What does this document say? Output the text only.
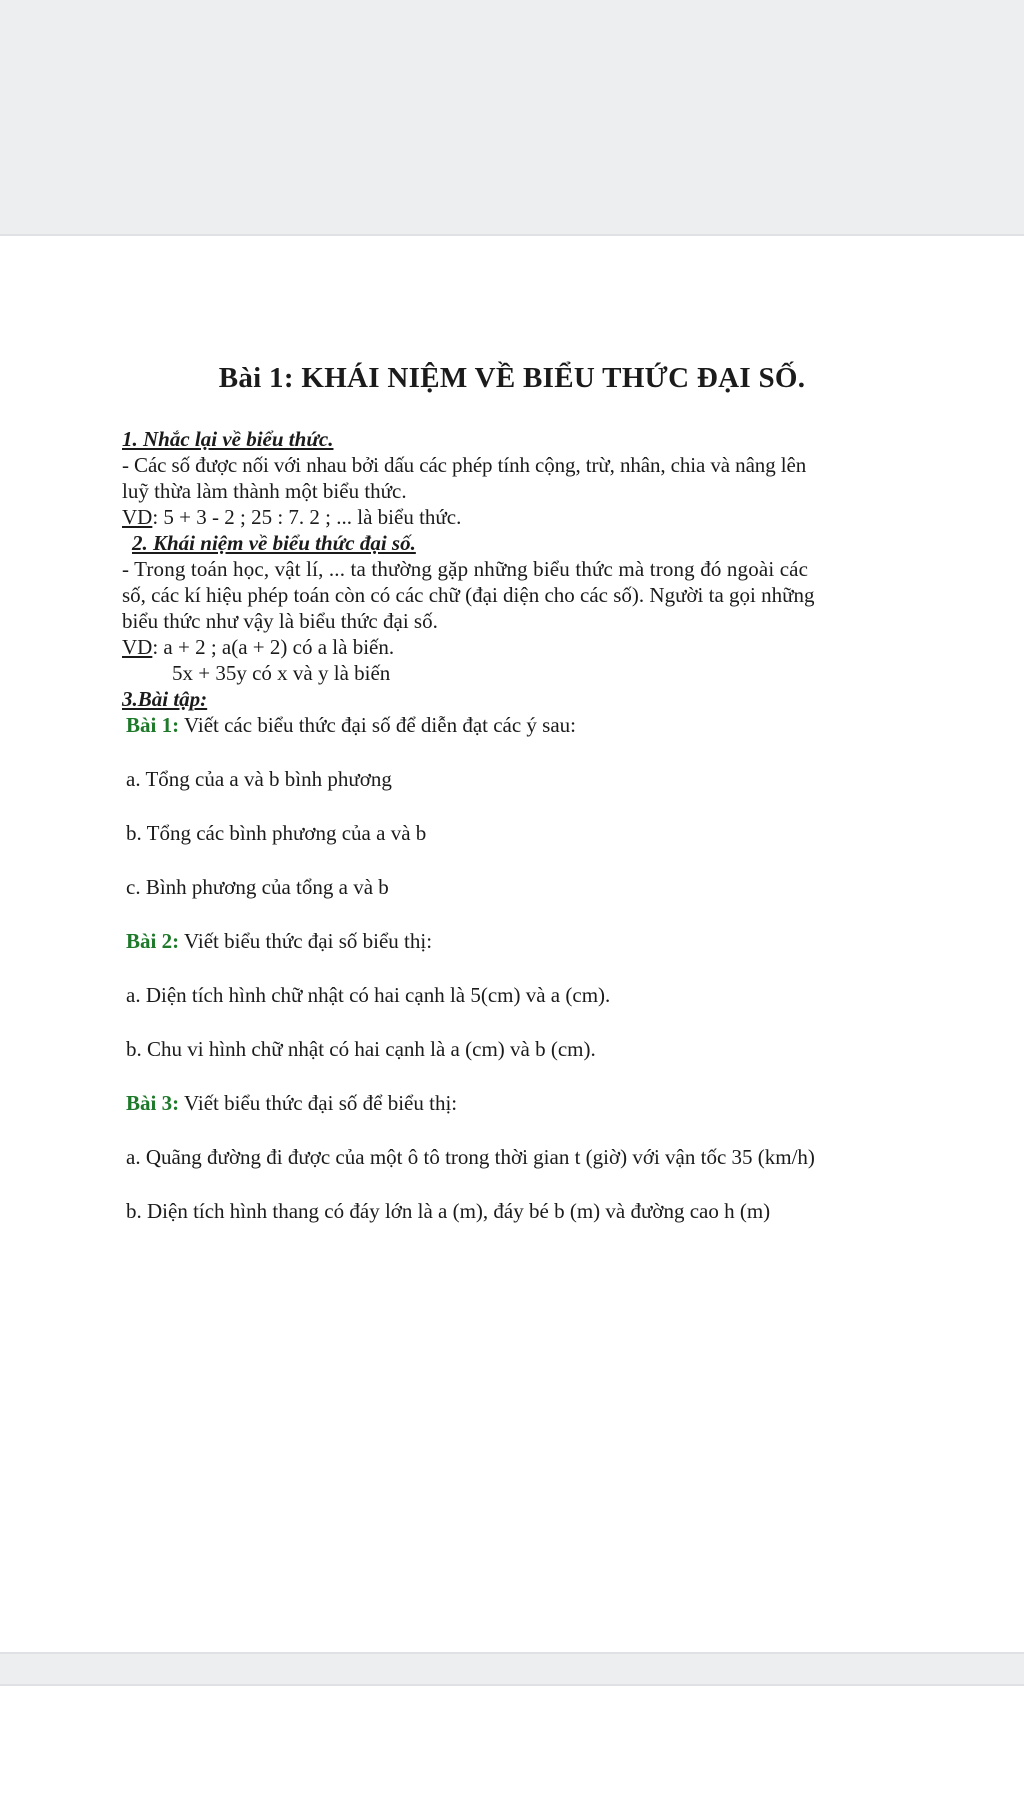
Bài 1: KHÁI NIỆM VỀ BIỂU THỨC ĐẠI SỐ.
1. Nhắc lại về biểu thức.
- Các số được nối với nhau bởi dấu các phép tính cộng, trừ, nhân, chia và nâng lên
luỹ thừa làm thành một biểu thức.
VD: 5 + 3 - 2 ; 25 : 7. 2 ; ... là biểu thức.
2. Khái niệm về biểu thức đại số.
- Trong toán học, vật lí, ... ta thường gặp những biểu thức mà trong đó ngoài các
số, các kí hiệu phép toán còn có các chữ (đại diện cho các số). Người ta gọi những
biểu thức như vậy là biểu thức đại số.
VD: a + 2 ; a(a + 2) có a là biến.
5x + 35y có x và y là biến
3.Bài tập:
Bài 1: Viết các biểu thức đại số để diễn đạt các ý sau:
a. Tổng của a và b bình phương
b. Tổng các bình phương của a và b
c. Bình phương của tổng a và b
Bài 2: Viết biểu thức đại số biểu thị:
a. Diện tích hình chữ nhật có hai cạnh là 5(cm) và a (cm).
b. Chu vi hình chữ nhật có hai cạnh là a (cm) và b (cm).
Bài 3: Viết biểu thức đại số để biểu thị:
a. Quãng đường đi được của một ô tô trong thời gian t (giờ) với vận tốc 35 (km/h)
b. Diện tích hình thang có đáy lớn là a (m), đáy bé b (m) và đường cao h (m)
